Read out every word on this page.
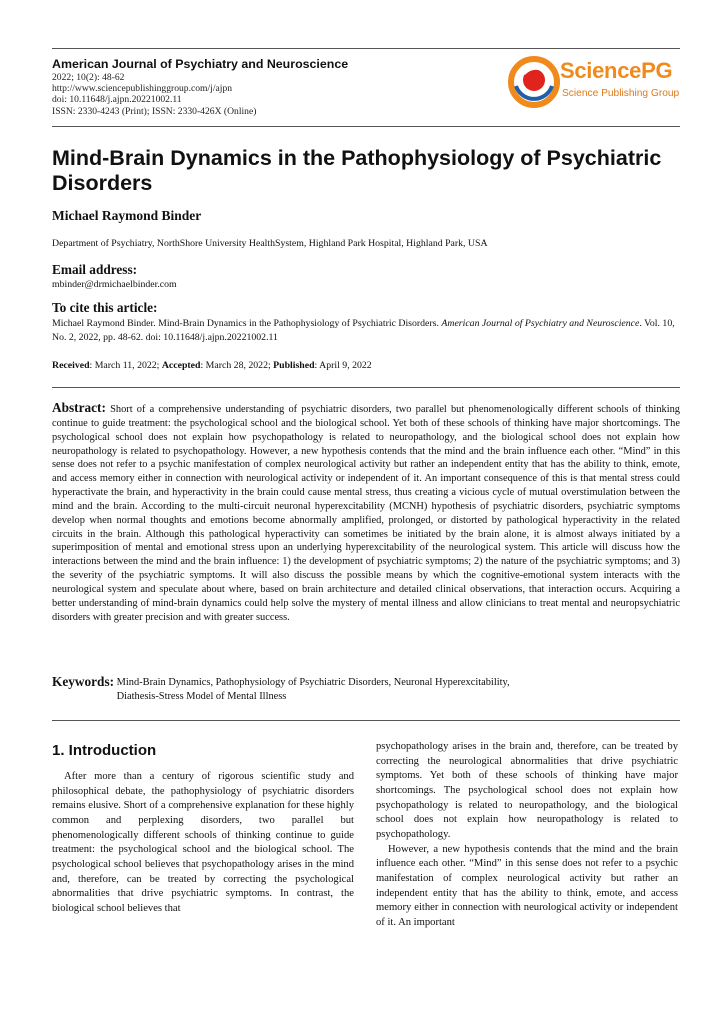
American Journal of Psychiatry and Neuroscience
2022; 10(2): 48-62
http://www.sciencepublishinggroup.com/j/ajpn
doi: 10.11648/j.ajpn.20221002.11
ISSN: 2330-4243 (Print); ISSN: 2330-426X (Online)
SciencePG
Science Publishing Group
Mind-Brain Dynamics in the Pathophysiology of Psychiatric Disorders
Michael Raymond Binder
Department of Psychiatry, NorthShore University HealthSystem, Highland Park Hospital, Highland Park, USA
Email address:
mbinder@drmichaelbinder.com
To cite this article:
Michael Raymond Binder. Mind-Brain Dynamics in the Pathophysiology of Psychiatric Disorders. American Journal of Psychiatry and Neuroscience. Vol. 10, No. 2, 2022, pp. 48-62. doi: 10.11648/j.ajpn.20221002.11
Received: March 11, 2022; Accepted: March 28, 2022; Published: April 9, 2022
Abstract: Short of a comprehensive understanding of psychiatric disorders, two parallel but phenomenologically different schools of thinking continue to guide treatment: the psychological school and the biological school. Yet both of these schools of thinking have major shortcomings. The psychological school does not explain how psychopathology is related to neuropathology, and the biological school does not explain how neuropathology is related to psychopathology. However, a new hypothesis contends that the mind and the brain influence each other. “Mind” in this sense does not refer to a psychic manifestation of complex neurological activity but rather an independent entity that has the ability to think, emote, and access memory either in connection with neurological activity or independent of it. An important consequence of this is that mental stress could hyperactivate the brain, and hyperactivity in the brain could cause mental stress, thus creating a vicious cycle of mutual overstimulation between the mind and the brain. According to the multi-circuit neuronal hyperexcitability (MCNH) hypothesis of psychiatric disorders, psychiatric symptoms develop when normal thoughts and emotions become abnormally amplified, prolonged, or distorted by pathological hyperactivity in the related circuits in the brain. Although this pathological hyperactivity can sometimes be initiated by the brain alone, it is almost always initiated by a superimposition of mental and emotional stress upon an underlying hyperexcitability of the neurological system. This article will discuss how the interactions between the mind and the brain influence: 1) the development of psychiatric symptoms; 2) the nature of the psychiatric symptoms; and 3) the severity of the psychiatric symptoms. It will also discuss the possible means by which the cognitive-emotional system interacts with the neurological system and speculate about where, based on brain architecture and detailed clinical observations, that interaction occurs. Acquiring a better understanding of mind-brain dynamics could help solve the mystery of mental illness and allow clinicians to treat mental and neuropsychiatric disorders with greater precision and with greater success.
Keywords: Mind-Brain Dynamics, Pathophysiology of Psychiatric Disorders, Neuronal Hyperexcitability,
Diathesis-Stress Model of Mental Illness
1. Introduction

After more than a century of rigorous scientific study and philosophical debate, the pathophysiology of psychiatric disorders remains elusive. Short of a comprehensive explanation for these highly common and perplexing disorders, two parallel but phenomenologically different schools of thinking continue to guide treatment: the psychological school and the biological school. The psychological school believes that psychopathology arises in the mind and, therefore, can be treated by correcting the psychological abnormalities that drive psychiatric symptoms. In contrast, the biological school believes that

psychopathology arises in the brain and, therefore, can be treated by correcting the neurological abnormalities that drive psychiatric symptoms. Yet both of these schools of thinking have major shortcomings. The psychological school does not explain how psychopathology is related to neuropathology, and the biological school does not explain how neuropathology is related to psychopathology.

However, a new hypothesis contends that the mind and the brain influence each other. “Mind” in this sense does not refer to a psychic manifestation of complex neurological activity but rather an independent entity that has the ability to think, emote, and access memory either in connection with neurological activity or independent of it. An important
